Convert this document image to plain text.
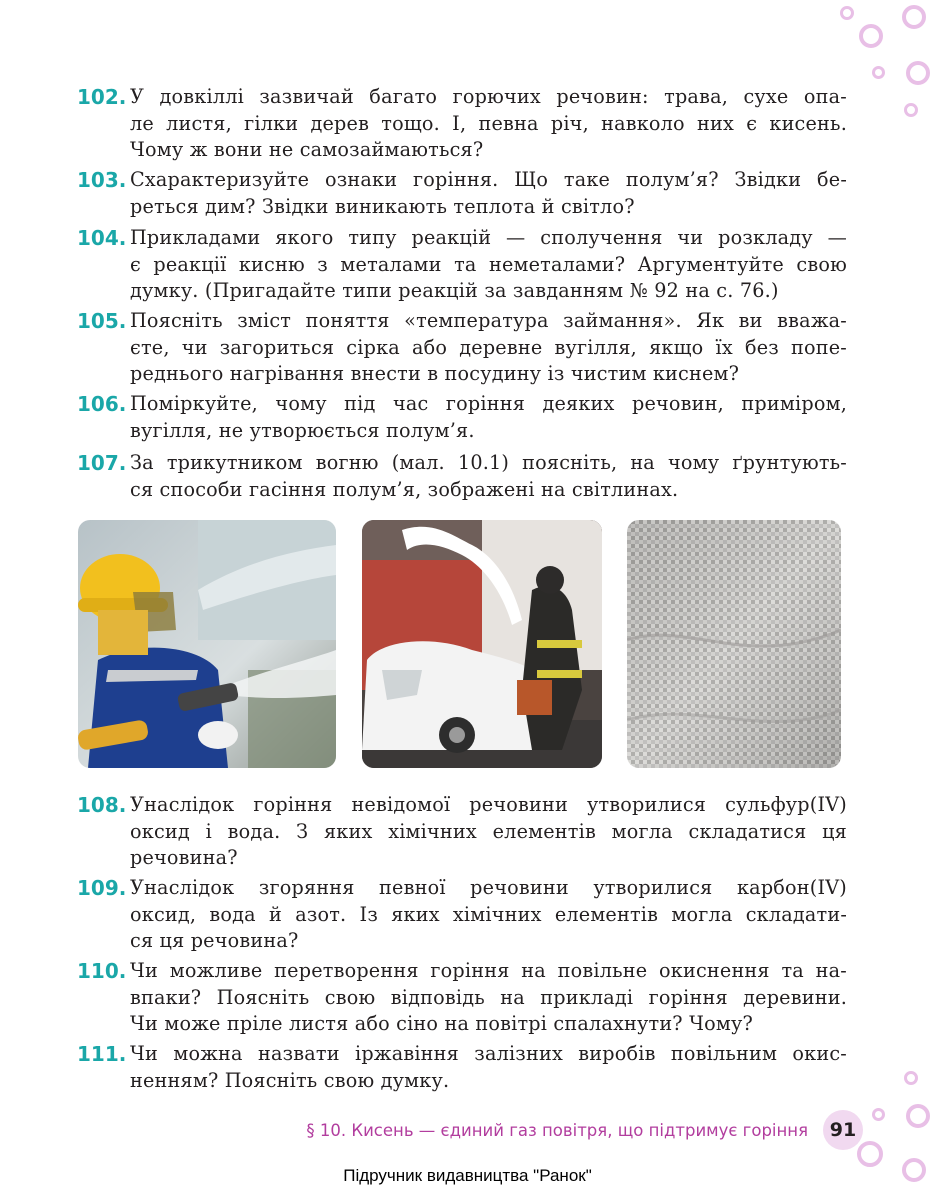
102. У довкіллі зазвичай багато горючих речовин: трава, сухе опа-
ле листя, гілки дерев тощо. І, певна річ, навколо них є кисень.
Чому ж вони не самозаймаються?
103. Схарактеризуйте ознаки горіння. Що таке полум’я? Звідки бе-
реться дим? Звідки виникають теплота й світло?
104. Прикладами якого типу реакцій — сполучення чи розкладу —
є реакції кисню з металами та неметалами? Аргументуйте свою
думку. (Пригадайте типи реакцій за завданням № 92 на с. 76.)
105. Поясніть зміст поняття «температура займання». Як ви вважа-
єте, чи загориться сірка або деревне вугілля, якщо їх без попе-
реднього нагрівання внести в посудину із чистим киснем?
106. Поміркуйте, чому під час горіння деяких речовин, приміром,
вугілля, не утворюється полум’я.
107. За трикутником вогню (мал. 10.1) поясніть, на чому ґрунтують-
ся способи гасіння полум’я, зображені на світлинах.
108. Унаслідок горіння невідомої речовини утворилися сульфур(IV)
оксид і вода. З яких хімічних елементів могла складатися ця
речовина?
109. Унаслідок згоряння певної речовини утворилися карбон(IV)
оксид, вода й азот. Із яких хімічних елементів могла складати-
ся ця речовина?
110. Чи можливе перетворення горіння на повільне окиснення та на-
впаки? Поясніть свою відповідь на прикладі горіння деревини.
Чи може пріле листя або сіно на повітрі спалахнути? Чому?
111. Чи можна назвати іржавіння залізних виробів повільним окис-
ненням? Поясніть свою думку.
§ 10. Кисень — єдиний газ повітря, що підтримує горіння	91
Підручник видавництва "Ранок"
